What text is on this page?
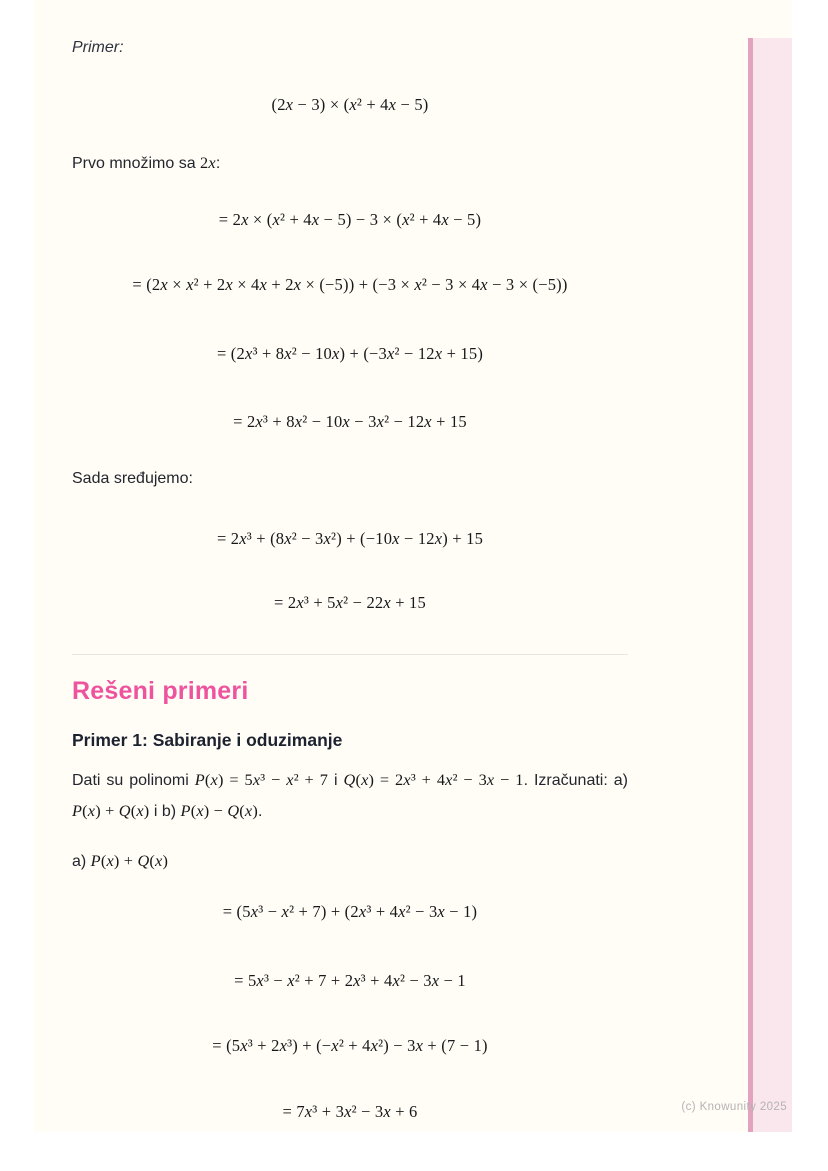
Primer:
(2x − 3) × (x² + 4x − 5)
Prvo množimo sa 2x:
= 2x × (x² + 4x − 5) − 3 × (x² + 4x − 5)
= (2x × x² + 2x × 4x + 2x × (−5)) + (−3 × x² − 3 × 4x − 3 × (−5))
= (2x³ + 8x² − 10x) + (−3x² − 12x + 15)
= 2x³ + 8x² − 10x − 3x² − 12x + 15
Sada sređujemo:
= 2x³ + (8x² − 3x²) + (−10x − 12x) + 15
= 2x³ + 5x² − 22x + 15
Rešeni primeri
Primer 1: Sabiranje i oduzimanje

Dati su polinomi P(x) = 5x³ − x² + 7 i Q(x) = 2x³ + 4x² − 3x − 1. Izračunati: a) P(x) + Q(x) i b) P(x) − Q(x).

a) P(x) + Q(x)
= (5x³ − x² + 7) + (2x³ + 4x² − 3x − 1)
= 5x³ − x² + 7 + 2x³ + 4x² − 3x − 1
= (5x³ + 2x³) + (−x² + 4x²) − 3x + (7 − 1)
= 7x³ + 3x² − 3x + 6	(c) Knowunity 2025
